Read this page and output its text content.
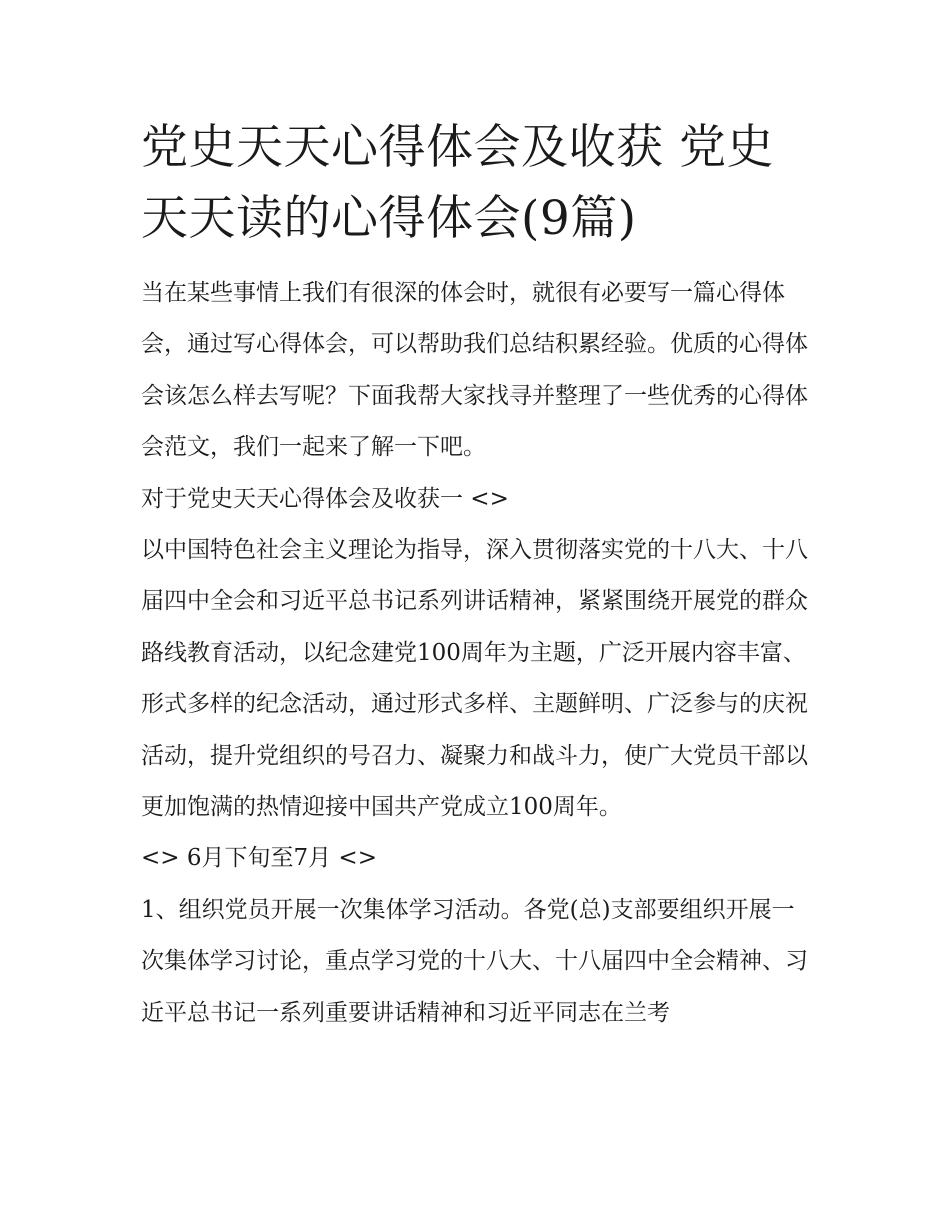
党史天天心得体会及收获 党史天天读的心得体会(9篇)

当在某些事情上我们有很深的体会时，就很有必要写一篇心得体会，通过写心得体会，可以帮助我们总结积累经验。优质的心得体会该怎么样去写呢？下面我帮大家找寻并整理了一些优秀的心得体会范文，我们一起来了解一下吧。

对于党史天天心得体会及收获一 <>

以中国特色社会主义理论为指导，深入贯彻落实党的十八大、十八届四中全会和习近平总书记系列讲话精神，紧紧围绕开展党的群众路线教育活动，以纪念建党100周年为主题，广泛开展内容丰富、形式多样的纪念活动，通过形式多样、主题鲜明、广泛参与的庆祝活动，提升党组织的号召力、凝聚力和战斗力，使广大党员干部以更加饱满的热情迎接中国共产党成立100周年。

<> 6月下旬至7月 <>

1、组织党员开展一次集体学习活动。各党(总)支部要组织开展一次集体学习讨论，重点学习党的十八大、十八届四中全会精神、习近平总书记一系列重要讲话精神和习近平同志在兰考
